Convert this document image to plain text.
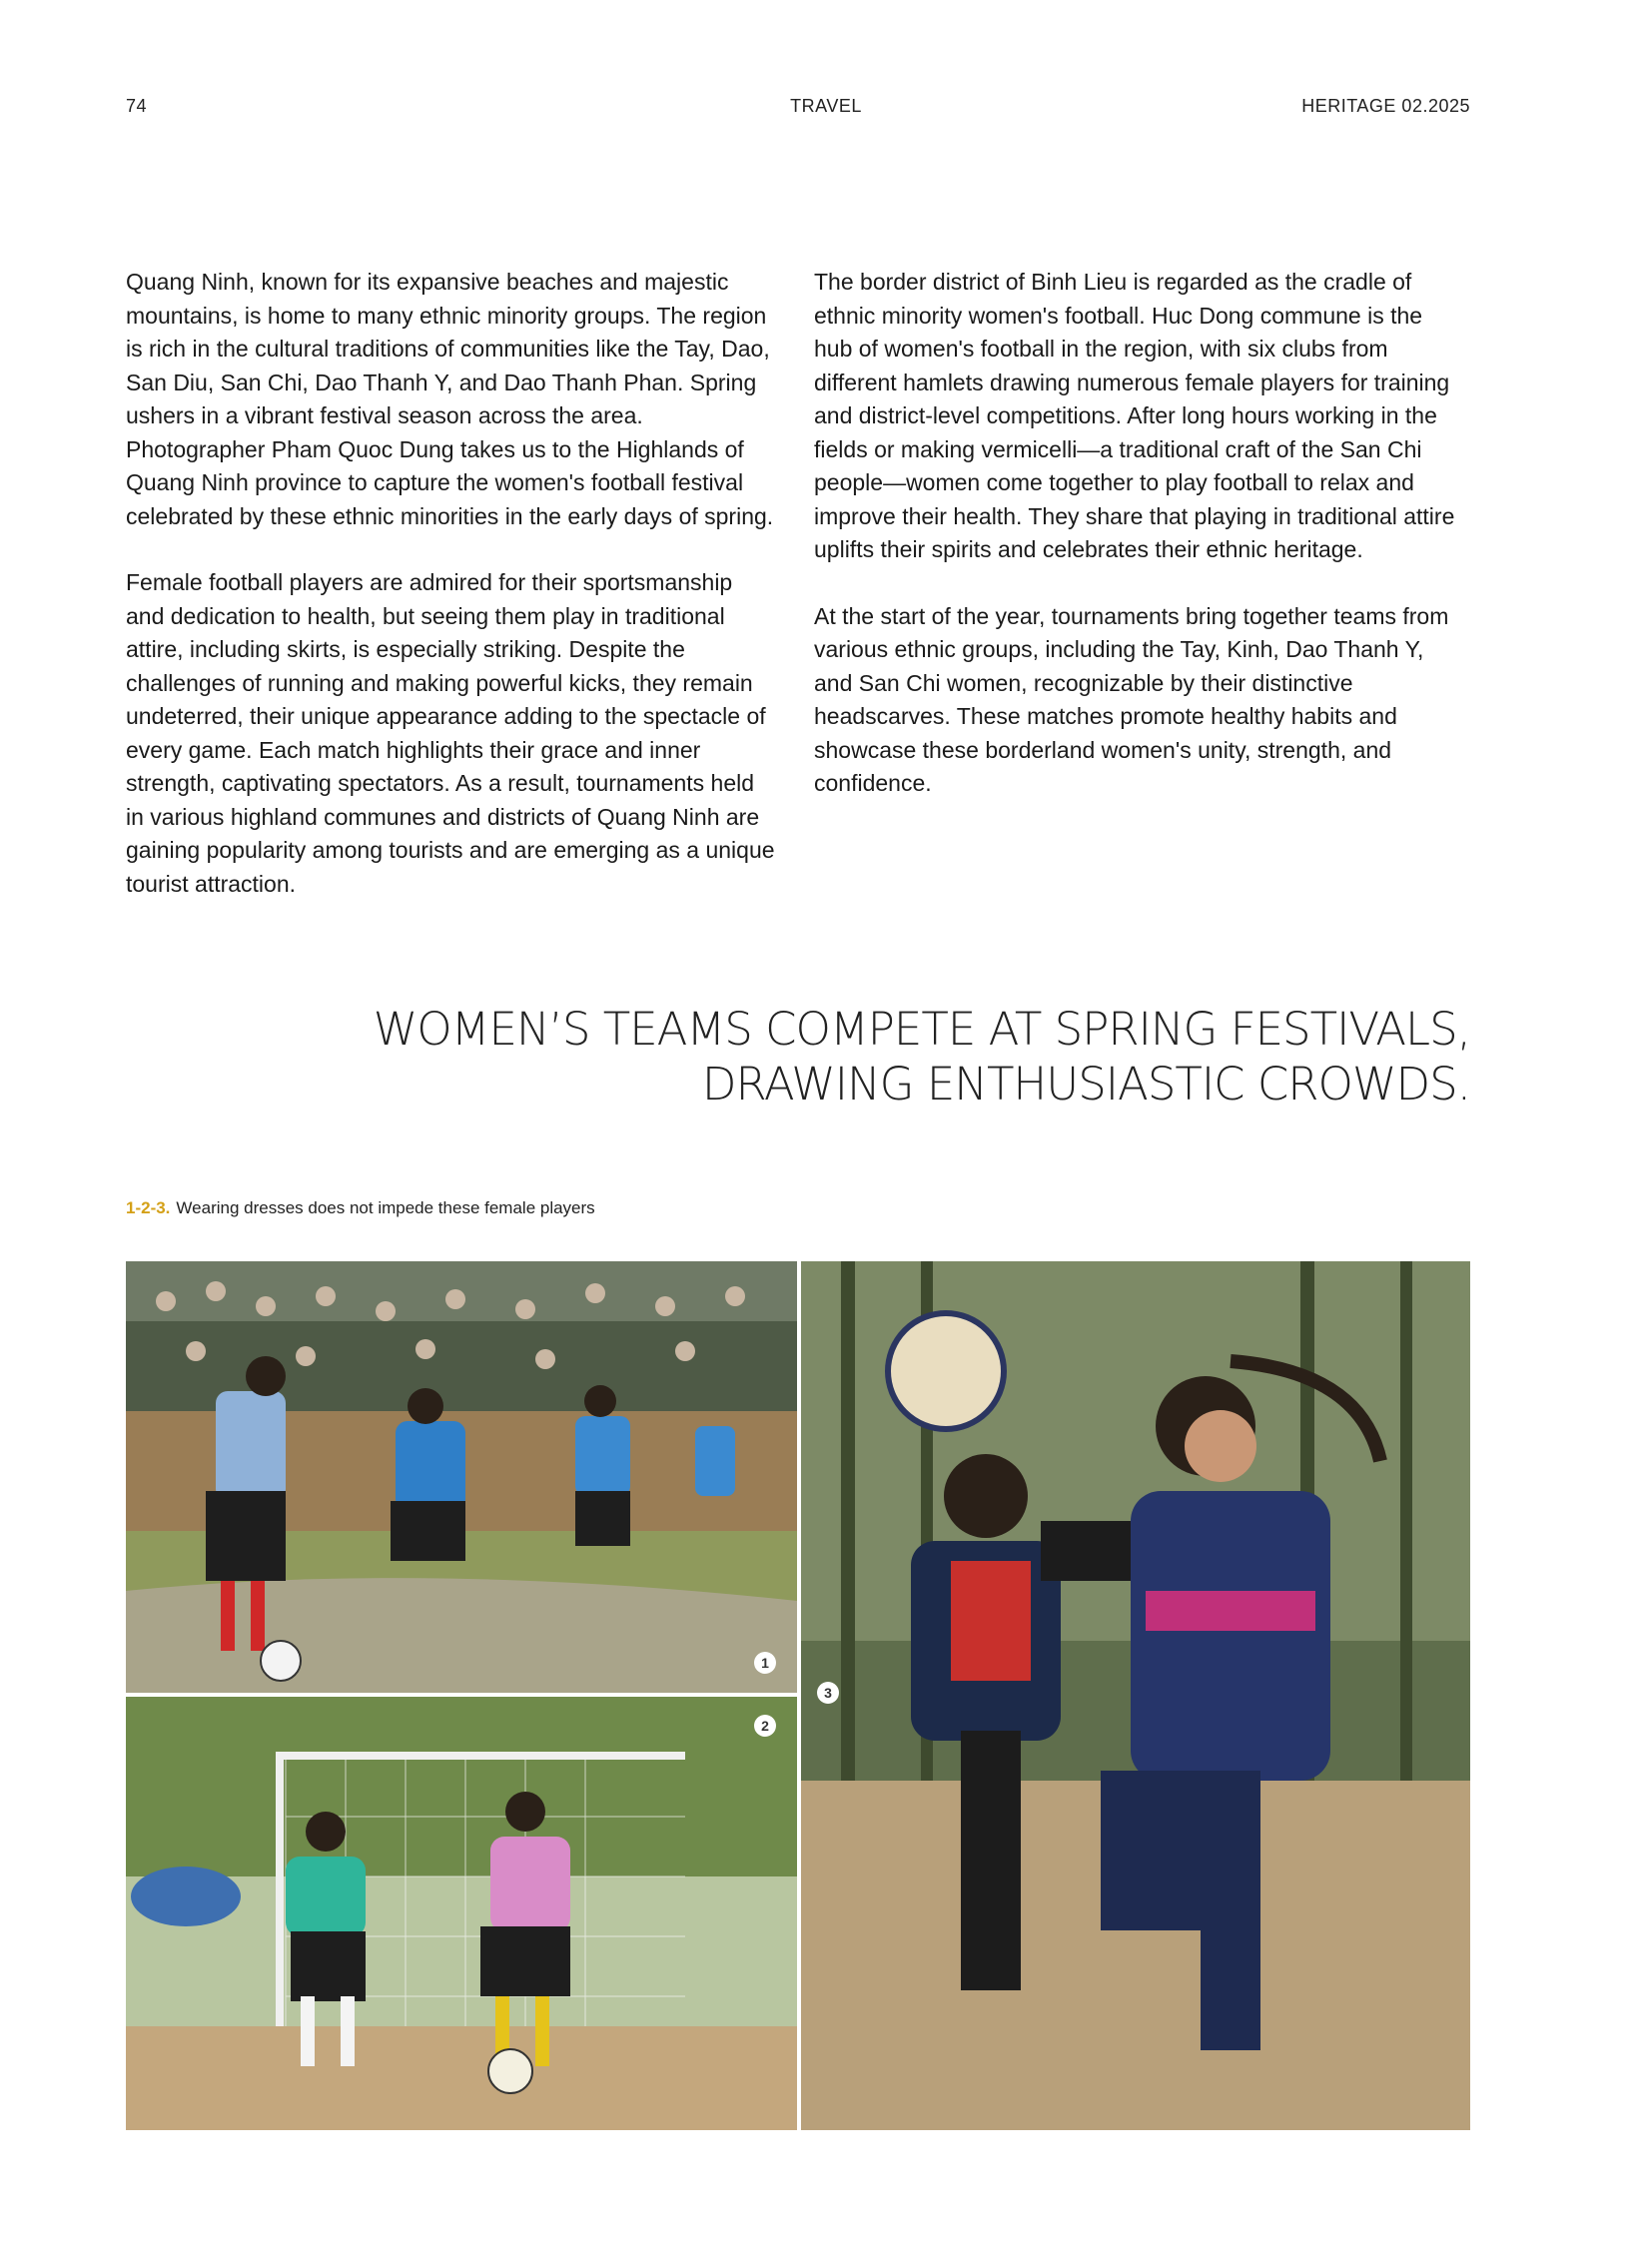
74	TRAVEL	HERITAGE 02.2025

Quang Ninh, known for its expansive beaches and majestic mountains, is home to many ethnic minority groups. The region is rich in the cultural traditions of communities like the Tay, Dao, San Diu, San Chi, Dao Thanh Y, and Dao Thanh Phan. Spring ushers in a vibrant festival season across the area. Photographer Pham Quoc Dung takes us to the Highlands of Quang Ninh province to capture the women's football festival celebrated by these ethnic minorities in the early days of spring.

Female football players are admired for their sportsmanship and dedication to health, but seeing them play in traditional attire, including skirts, is especially striking. Despite the challenges of running and making powerful kicks, they remain undeterred, their unique appearance adding to the spectacle of every game. Each match highlights their grace and inner strength, captivating spectators. As a result, tournaments held in various highland communes and districts of Quang Ninh are gaining popularity among tourists and are emerging as a unique tourist attraction.

The border district of Binh Lieu is regarded as the cradle of ethnic minority women's football. Huc Dong commune is the hub of women's football in the region, with six clubs from different hamlets drawing numerous female players for training and district-level competitions. After long hours working in the fields or making vermicelli—a traditional craft of the San Chi people—women come together to play football to relax and improve their health. They share that playing in traditional attire uplifts their spirits and celebrates their ethnic heritage.

At the start of the year, tournaments bring together teams from various ethnic groups, including the Tay, Kinh, Dao Thanh Y, and San Chi women, recognizable by their distinctive headscarves. These matches promote healthy habits and showcase these borderland women's unity, strength, and confidence.

WOMEN’S TEAMS COMPETE AT SPRING FESTIVALS,
DRAWING ENTHUSIASTIC CROWDS.
1-2-3. Wearing dresses does not impede these female players
1
2
3
